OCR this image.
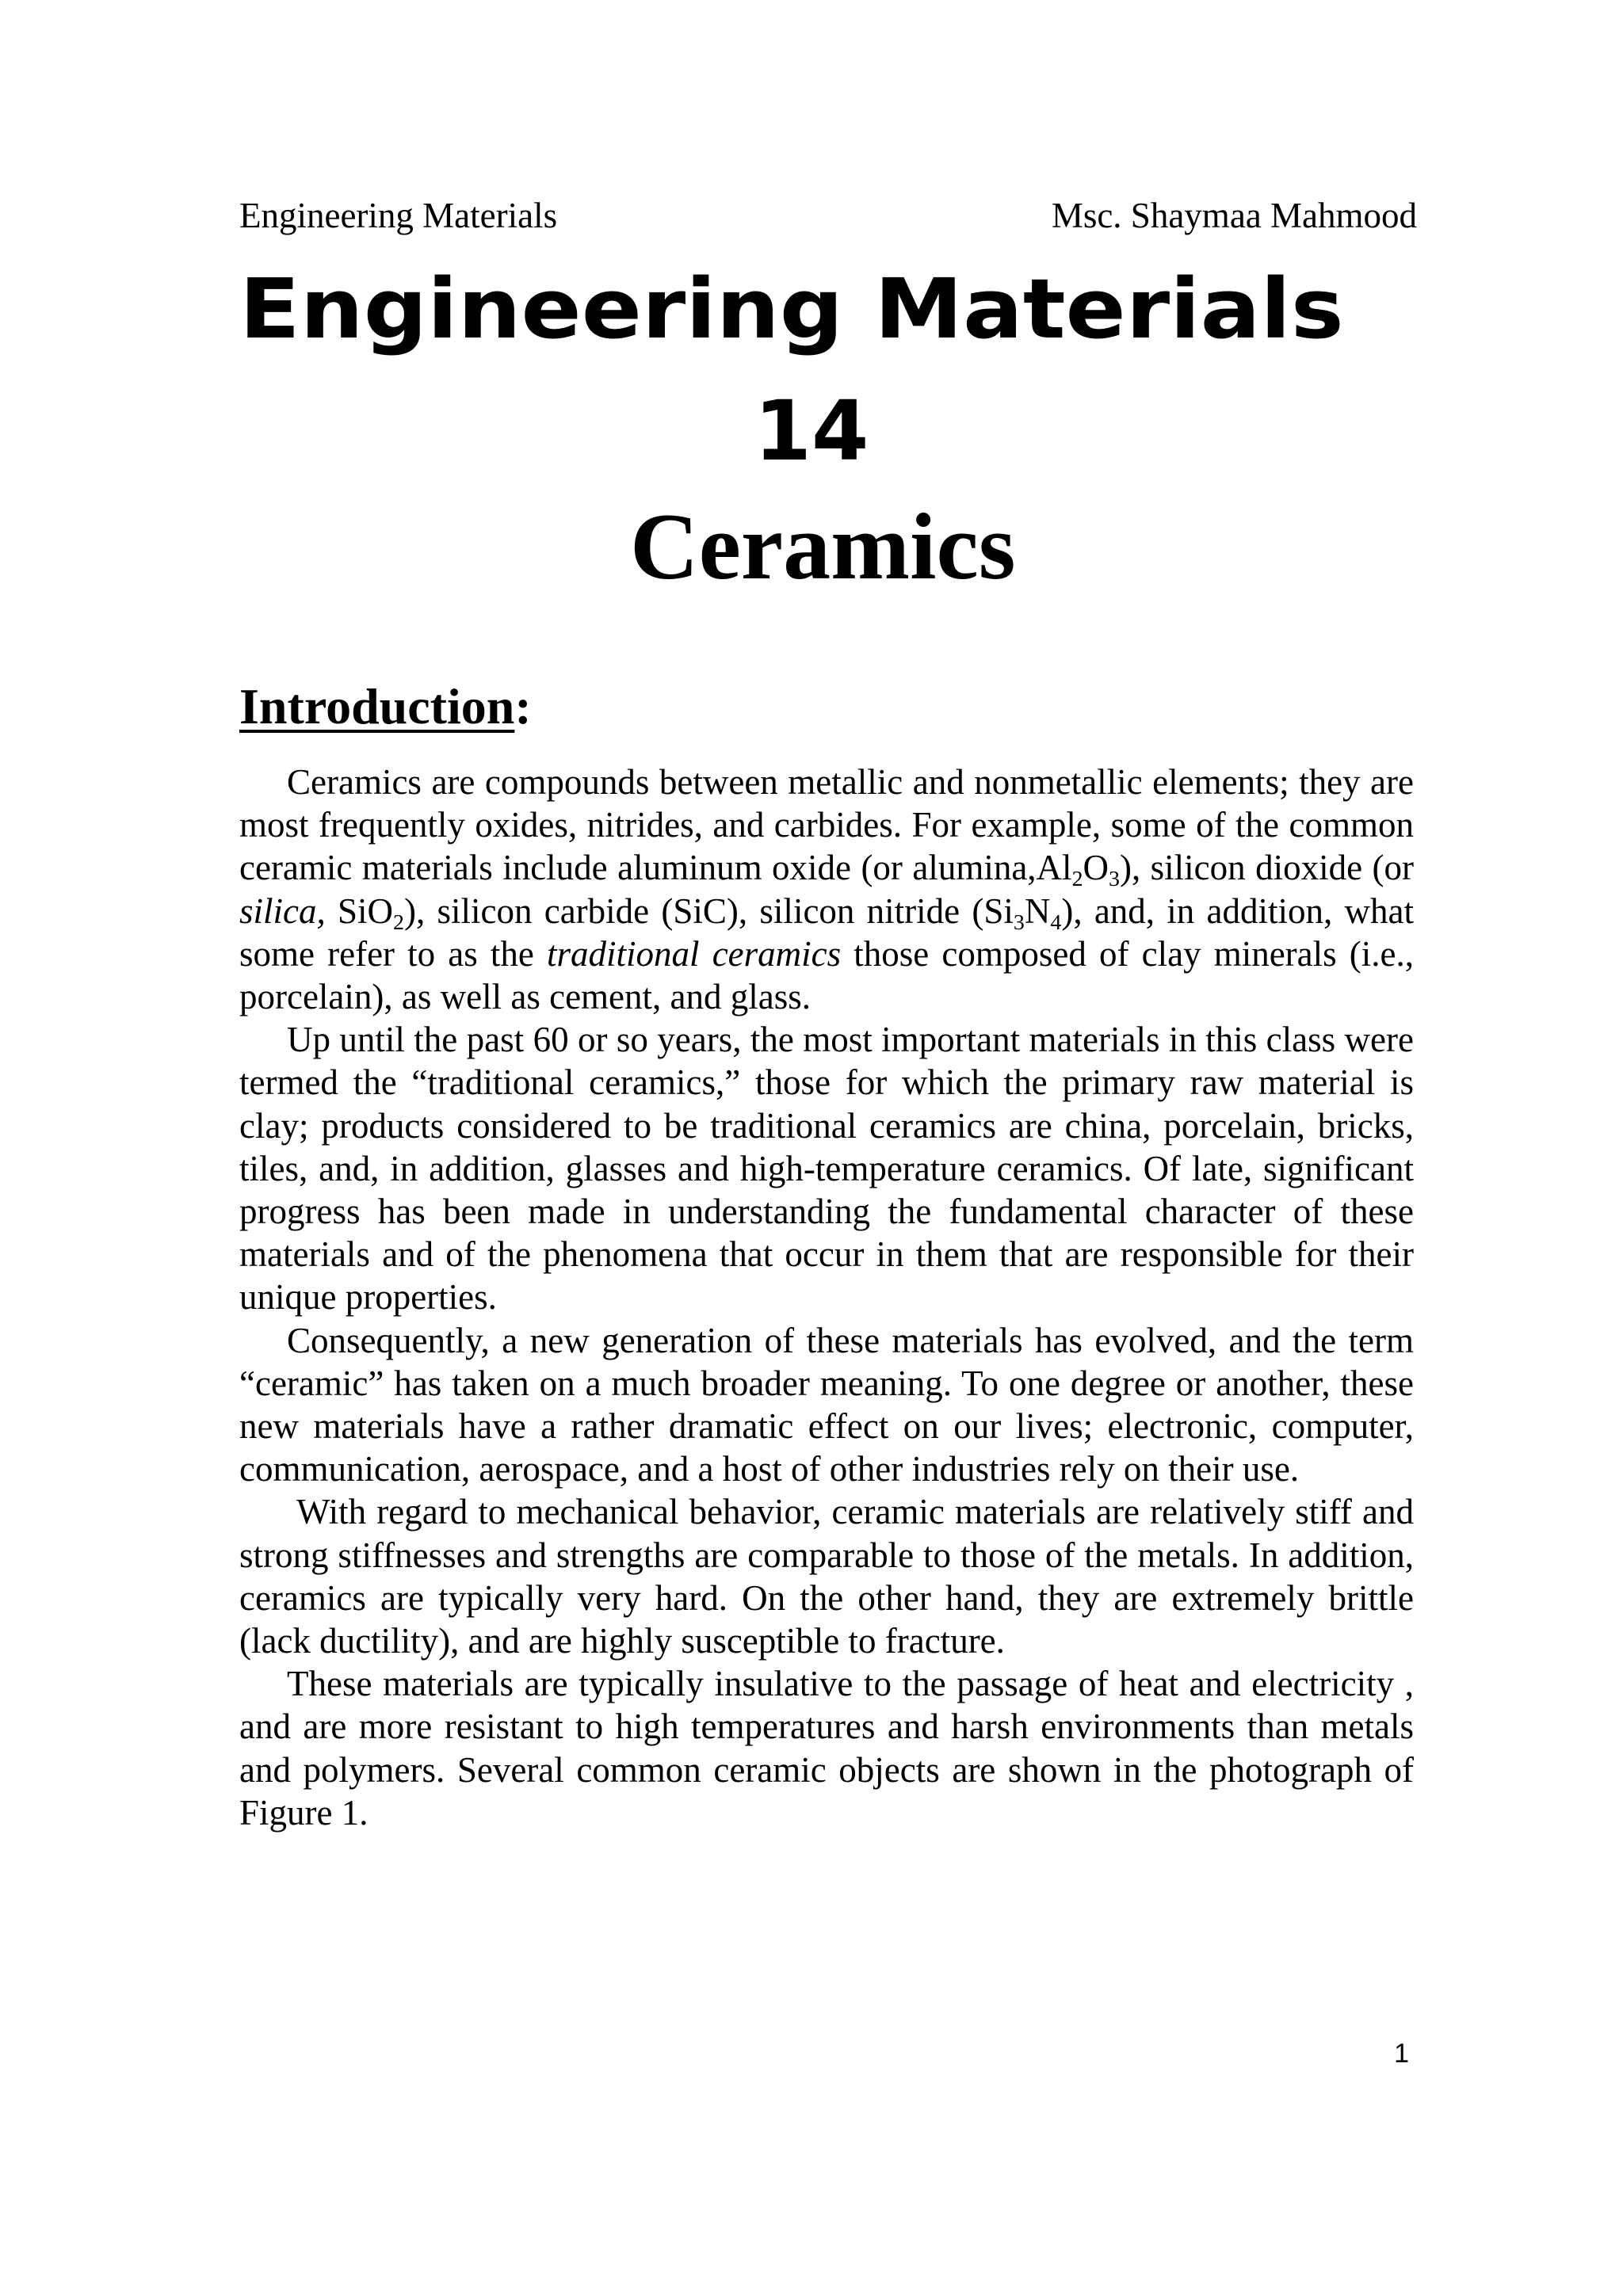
Engineering Materials	Msc. Shaymaa Mahmood
Engineering Materials
14
Ceramics
Introduction:

Ceramics are compounds between metallic and nonmetallic elements; they are most frequently oxides, nitrides, and carbides. For example, some of the common ceramic materials include aluminum oxide (or $alumina,Al_2O_3$), silicon dioxide (or silica, SiO$_2$), silicon carbide (SiC), silicon nitride $(Si_3N_4)$, and, in addition, what some refer to as the traditional ceramics those composed of clay minerals (i.e., porcelain), as well as cement, and glass.

Up until the past 60 or so years, the most important materials in this class were termed the “traditional ceramics,” those for which the primary raw material is clay; products considered to be traditional ceramics are china, porcelain, bricks, tiles, and, in addition, glasses and high-temperature ceramics. Of late, significant progress has been made in understanding the fundamental character of these materials and of the phenomena that occur in them that are responsible for their unique properties.

Consequently, a new generation of these materials has evolved, and the term “ceramic” has taken on a much broader meaning. To one degree or another, these new materials have a rather dramatic effect on our lives; electronic, computer, communication, aerospace, and a host of other industries rely on their use.

With regard to mechanical behavior, ceramic materials are relatively stiff and strong stiffnesses and strengths are comparable to those of the metals. In addition, ceramics are typically very hard. On the other hand, they are extremely brittle (lack ductility), and are highly susceptible to fracture.

These materials are typically insulative to the passage of heat and electricity , and are more resistant to high temperatures and harsh environments than metals and polymers. Several common ceramic objects are shown in the photograph of Figure 1.

1
